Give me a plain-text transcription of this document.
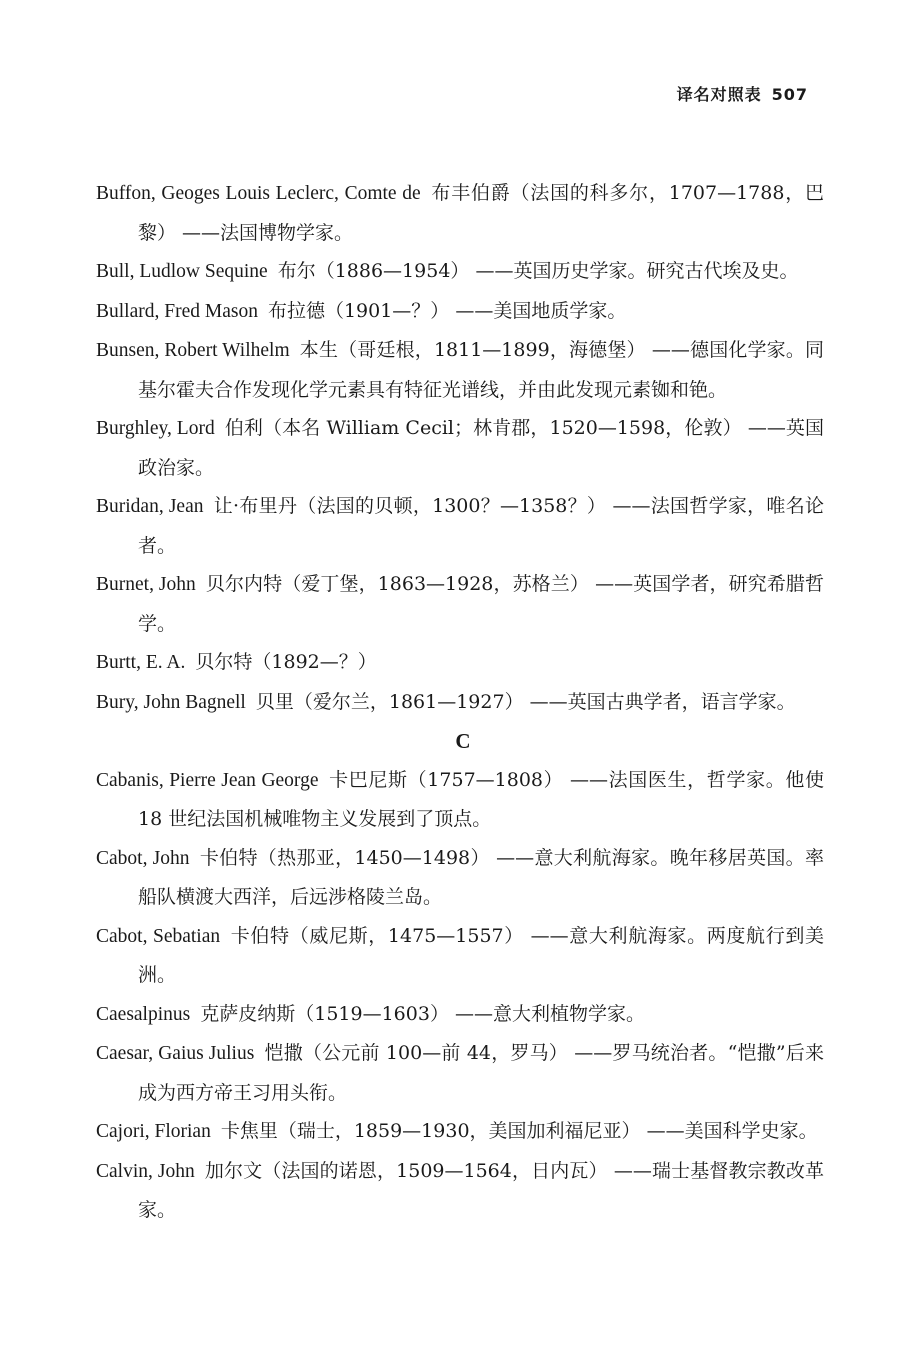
译名对照表 507
Buffon, Geoges Louis Leclerc, Comte de 布丰伯爵（法国的科多尔，1707—1788，巴黎） ——法国博物学家。
Bull, Ludlow Sequine 布尔（1886—1954） ——英国历史学家。研究古代埃及史。
Bullard, Fred Mason 布拉德（1901—？） ——美国地质学家。
Bunsen, Robert Wilhelm 本生（哥廷根，1811—1899，海德堡） ——德国化学家。同基尔霍夫合作发现化学元素具有特征光谱线，并由此发现元素铷和铯。
Burghley, Lord 伯利（本名 William Cecil；林肯郡，1520—1598，伦敦） ——英国政治家。
Buridan, Jean 让·布里丹（法国的贝顿，1300？—1358？） ——法国哲学家，唯名论者。
Burnet, John 贝尔内特（爱丁堡，1863—1928，苏格兰） ——英国学者，研究希腊哲学。
Burtt, E. A. 贝尔特（1892—？）
Bury, John Bagnell 贝里（爱尔兰，1861—1927） ——英国古典学者，语言学家。
C
Cabanis, Pierre Jean George 卡巴尼斯（1757—1808） ——法国医生，哲学家。他使 18 世纪法国机械唯物主义发展到了顶点。
Cabot, John 卡伯特（热那亚，1450—1498） ——意大利航海家。晚年移居英国。率船队横渡大西洋，后远涉格陵兰岛。
Cabot, Sebatian 卡伯特（威尼斯，1475—1557） ——意大利航海家。两度航行到美洲。
Caesalpinus 克萨皮纳斯（1519—1603） ——意大利植物学家。
Caesar, Gaius Julius 恺撒（公元前 100—前 44，罗马） ——罗马统治者。“恺撒”后来成为西方帝王习用头衔。
Cajori, Florian 卡焦里（瑞士，1859—1930，美国加利福尼亚） ——美国科学史家。
Calvin, John 加尔文（法国的诺恩，1509—1564，日内瓦） ——瑞士基督教宗教改革家。
